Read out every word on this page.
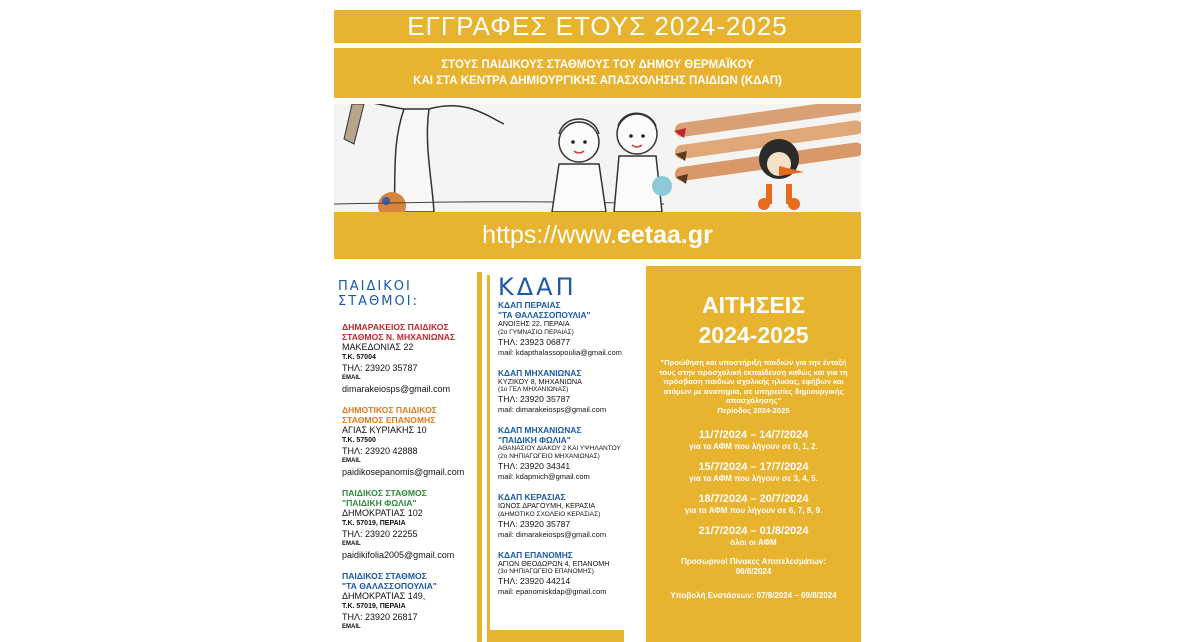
ΕΓΓΡΑΦΕΣ ΕΤΟΥΣ 2024-2025
ΣΤΟΥΣ ΠΑΙΔΙΚΟΥΣ ΣΤΑΘΜΟΥΣ ΤΟΥ ΔΗΜΟΥ ΘΕΡΜΑΪΚΟΥ
ΚΑΙ ΣΤΑ ΚΕΝΤΡΑ ΔΗΜΙΟΥΡΓΙΚΗΣ ΑΠΑΣΧΟΛΗΣΗΣ ΠΑΙΔΙΩΝ (ΚΔΑΠ)
https://www.eetaa.gr
ΠΑΙΔΙΚΟΙ ΣΤΑΘΜΟΙ:
ΔΗΜΑΡΑΚΕΙΟΣ ΠΑΙΔΙΚΟΣ
ΣΤΑΘΜΟΣ Ν. ΜΗΧΑΝΙΩΝΑΣ
ΜΑΚΕΔΟΝΙΑΣ 22
Τ.Κ. 57004
ΤΗΛ: 23920 35787
EMAIL
dimarakeiosps@gmail.com
ΔΗΜΟΤΙΚΟΣ ΠΑΙΔΙΚΟΣ
ΣΤΑΘΜΟΣ ΕΠΑΝΟΜΗΣ
ΑΓΙΑΣ ΚΥΡΙΑΚΗΣ 10
Τ.Κ. 57500
ΤΗΛ: 23920 42888
EMAIL
paidikosepanomis@gmail.com
ΠΑΙΔΙΚΟΣ ΣΤΑΘΜΟΣ
"ΠΑΙΔΙΚΗ ΦΩΛΙΑ"
ΔΗΜΟΚΡΑΤΙΑΣ 102
Τ.Κ. 57019, ΠΕΡΑΙΑ
ΤΗΛ: 23920 22255
EMAIL
paidikifolia2005@gmail.com
ΠΑΙΔΙΚΟΣ ΣΤΑΘΜΟΣ
"ΤΑ ΘΑΛΑΣΣΟΠΟΥΛΙΑ"
ΔΗΜΟΚΡΑΤΙΑΣ 149,
Τ.Κ. 57019, ΠΕΡΑΙΑ
ΤΗΛ: 23920 26817
EMAIL
ΚΔΑΠ
ΚΔΑΠ ΠΕΡΑΙΑΣ
"ΤΑ ΘΑΛΑΣΣΟΠΟΥΛΙΑ"
ΑΝΟΙΞΗΣ 22, ΠΕΡΑΙΑ
(2ο ΓΥΜΝΑΣΙΟ ΠΕΡΑΙΑΣ)
ΤΗΛ: 23923 06877
mail: kdapthalassopoulia@gmail.com
ΚΔΑΠ ΜΗΧΑΝΙΩΝΑΣ
ΚΥΖΙΚΟΥ 8, ΜΗΧΑΝΙΩΝΑ
(1ο ΓΕΛ ΜΗΧΑΝΙΩΝΑΣ)
ΤΗΛ: 23920 35787
mail: dimarakeiosps@gmail.com
ΚΔΑΠ ΜΗΧΑΝΙΩΝΑΣ
"ΠΑΙΔΙΚΗ ΦΩΛΙΑ"
ΑΘΑΝΑΣΙΟΥ ΔΙΑΚΟΥ 2 ΚΑΙ ΥΨΗΛΑΝΤΟΥ
(2ο ΝΗΠΙΑΓΩΓΕΙΟ ΜΗΧΑΝΙΩΝΑΣ)
ΤΗΛ: 23920 34341
mail: kdapmich@gmail.com
ΚΔΑΠ ΚΕΡΑΣΙΑΣ
ΙΩΝΟΣ ΔΡΑΓΟΥΜΗ, ΚΕΡΑΣΙΑ
(ΔΗΜΟΤΙΚΟ ΣΧΟΛΕΙΟ ΚΕΡΑΣΙΑΣ)
ΤΗΛ: 23920 35787
mail: dimarakeiosps@gmail.com
ΚΔΑΠ ΕΠΑΝΟΜΗΣ
ΑΓΙΩΝ ΘΕΟΔΩΡΩΝ 4, ΕΠΑΝΟΜΗ
(3ο ΝΗΠΙΑΓΩΓΕΙΟ ΕΠΑΝΟΜΗΣ)
ΤΗΛ: 23920 44214
mail: epanomiskdap@gmail.com
ΑΙΤΗΣΕΙΣ
2024-2025
"Προώθηση και υποστήριξη παιδιών για την ένταξή τους στην προσχολική εκπαίδευση καθώς και για τη πρόσβαση παιδιών σχολικής ηλικίας, εφήβων και ατόμων με αναπηρία, σε υπηρεσίες δημιουργικής απασχόλησης"
Περίοδος 2024-2025
11/7/2024 – 14/7/2024
για τα ΑΦΜ που λήγουν σε 0, 1, 2.
15/7/2024 – 17/7/2024
για τα ΑΦΜ που λήγουν σε 3, 4, 5.
18/7/2024 – 20/7/2024
για τα ΑΦΜ που λήγουν σε 6, 7, 8, 9.
21/7/2024 – 01/8/2024
όλοι οι ΑΦΜ
Προσωρινοί Πίνακες Αποτελεσμάτων:
06/8/2024
Υποβολή Ενστάσεων: 07/8/2024 – 09/8/2024
